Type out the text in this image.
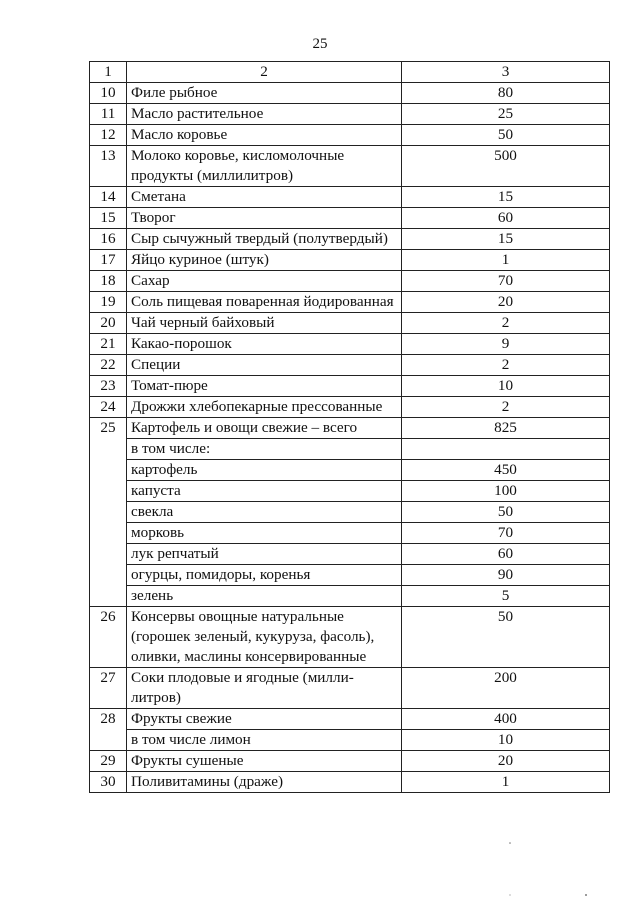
25
1	2	3
10	Филе рыбное	80
11	Масло растительное	25
12	Масло коровье	50
13	Молоко коровье, кисломолочные продукты (миллилитров)	500
14	Сметана	15
15	Творог	60
16	Сыр сычужный твердый (полутвердый)	15
17	Яйцо куриное (штук)	1
18	Сахар	70
19	Соль пищевая поваренная йодированная	20
20	Чай черный байховый	2
21	Какао-порошок	9
22	Специи	2
23	Томат-пюре	10
24	Дрожжи хлебопекарные прессованные	2
25	Картофель и овощи свежие – всего	825
	в том числе:	
	картофель	450
	капуста	100
	свекла	50
	морковь	70
	лук репчатый	60
	огурцы, помидоры, коренья	90
	зелень	5
26	Консервы овощные натуральные (горошек зеленый, кукуруза, фасоль), оливки, маслины консервированные	50
27	Соки плодовые и ягодные (милли-литров)	200
28	Фрукты свежие	400
	в том числе лимон	10
29	Фрукты сушеные	20
30	Поливитамины (драже)	1
